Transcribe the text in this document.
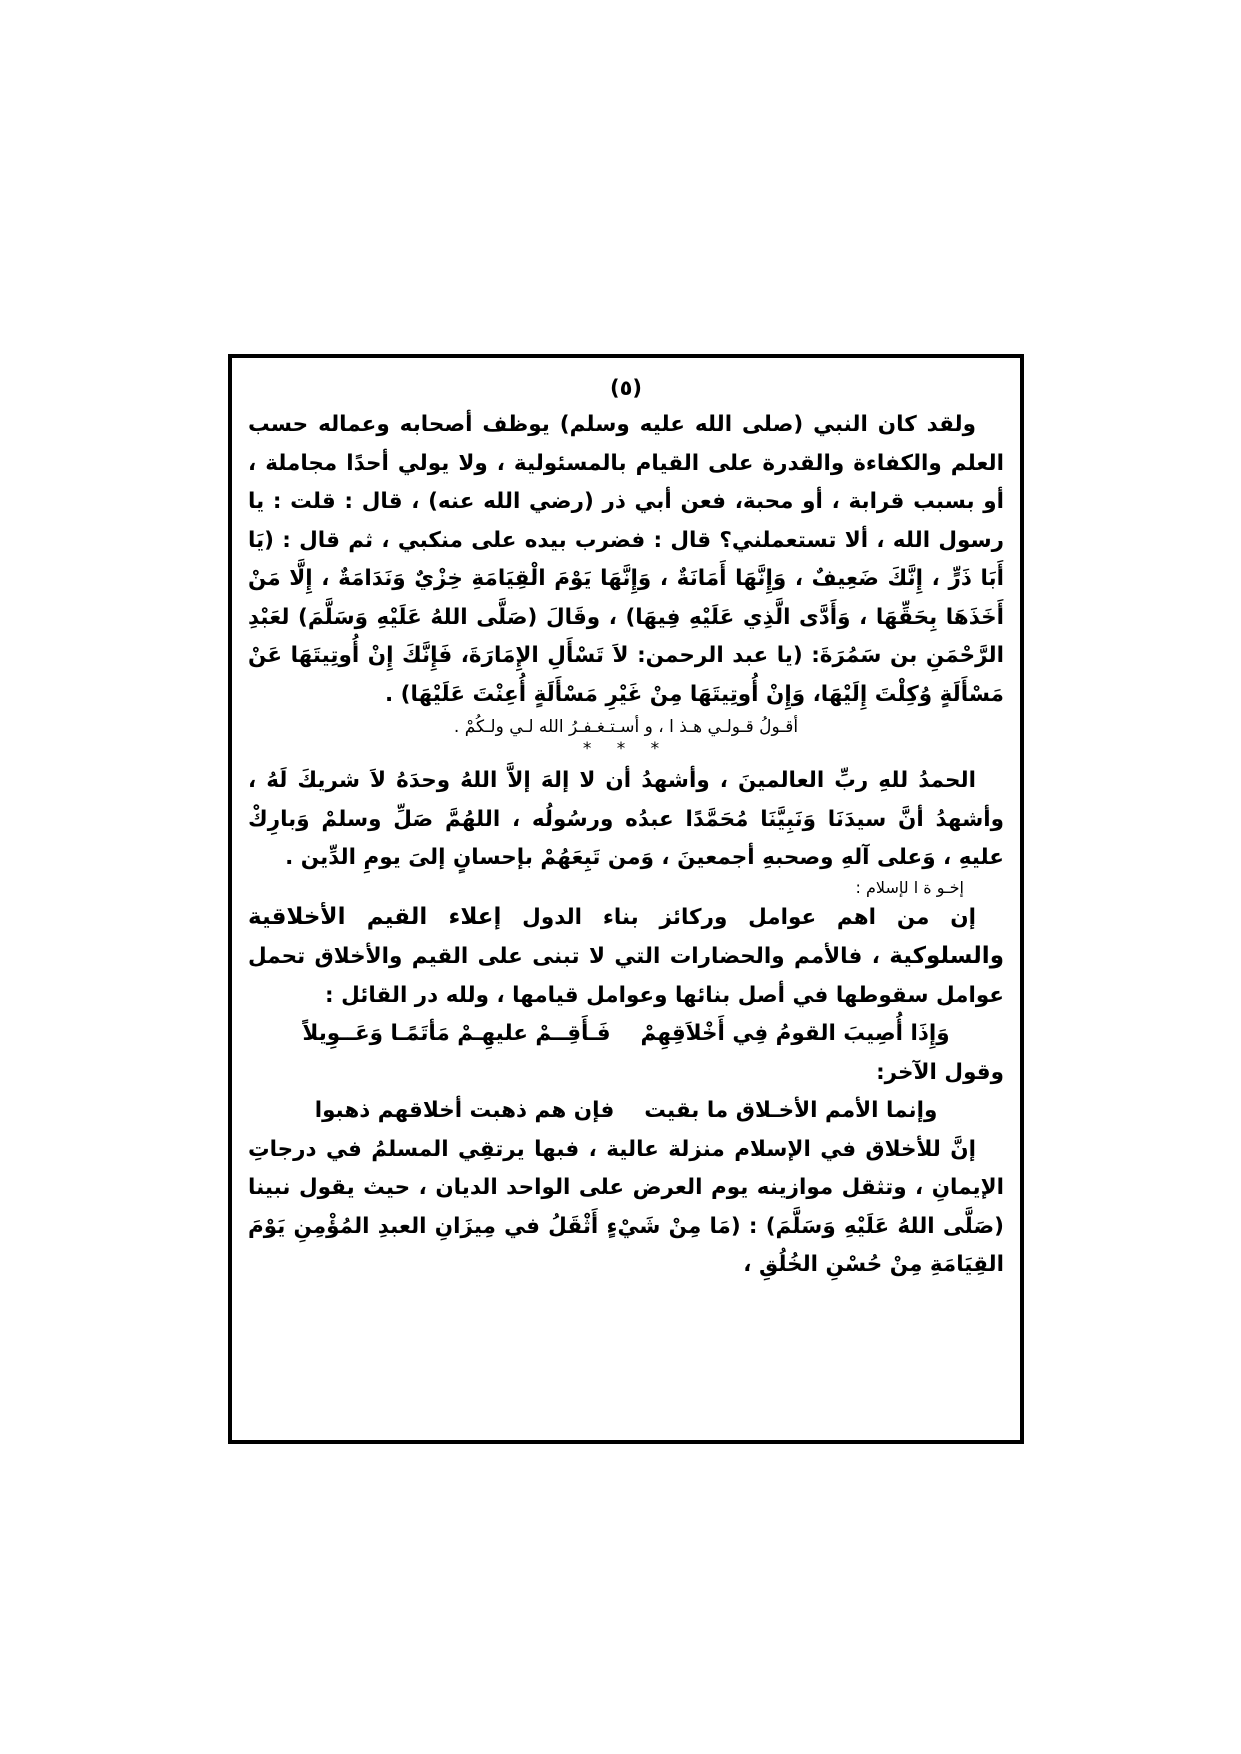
(٥)

ولقد كان النبي (صلى الله عليه وسلم) يوظف أصحابه وعماله حسب العلم والكفاءة والقدرة على القيام بالمسئولية ، ولا يولي أحدًا مجاملة ، أو بسبب قرابة ، أو محبة، فعن أبي ذر (رضي الله عنه) ، قال : قلت : يا رسول الله ، ألا تستعملني؟ قال : فضرب بيده على منكبي ، ثم قال : (يَا أَبَا ذَرٍّ ، إِنَّكَ ضَعِيفٌ ، وَإِنَّهَا أَمَانَةٌ ، وَإِنَّهَا يَوْمَ الْقِيَامَةِ خِزْيٌ وَنَدَامَةٌ ، إِلَّا مَنْ أَخَذَهَا بِحَقِّهَا ، وَأَدَّى الَّذِي عَلَيْهِ فِيهَا) ، وقَالَ (صَلَّى اللهُ عَلَيْهِ وَسَلَّمَ) لعَبْدِ الرَّحْمَنِ بن سَمُرَةَ: (يا عبد الرحمن: لاَ تَسْأَلِ الإِمَارَةَ، فَإِنَّكَ إِنْ أُوتِيتَهَا عَنْ مَسْأَلَةٍ وُكِلْتَ إِلَيْهَا، وَإِنْ أُوتِيتَهَا مِنْ غَيْرِ مَسْأَلَةٍ أُعِنْتَ عَلَيْهَا) .

أقـولُ قـولـي هـذ ا ، و أسـتـغـفـرُ الله لـي ولـكُمْ .
* * *

الحمدُ للهِ ربِّ العالمينَ ، وأشهدُ أن لا إلهَ إلاَّ اللهُ وحدَهُ لاَ شريكَ لَهُ ، وأشهدُ أنَّ سيدَنَا وَنَبِيَّنَا مُحَمَّدًا عبدُه ورسُولُه ، اللهُمَّ صَلِّ وسلمْ وَبارِكْ عليهِ ، وَعلى آلهِ وصحبهِ أجمعينَ ، وَمن تَبِعَهُمْ بإحسانٍ إلىَ يومِ الدِّين .

إخـو ة ا لإسلام :

إن من اهم عوامل وركائز بناء الدول إعلاء القيم الأخلاقية والسلوكية ، فالأمم والحضارات التي لا تبنى على القيم والأخلاق تحمل عوامل سقوطها في أصل بنائها وعوامل قيامها ، ولله در القائل :

وَإِذَا أُصِيبَ القومُ فِي أَخْلاَقِهِمْ
فَـأَقِــمْ عليهِـمْ مَأتَمًـا وَعَــوِيلاً

وقول الآخر:

وإنما الأمم الأخـلاق ما بقيت
فإن هم ذهبت أخلاقهم ذهبوا

إنَّ للأخلاق في الإسلام منزلة عالية ، فبها يرتقِي المسلمُ في درجاتِ الإيمانِ ، وتثقل موازينه يوم العرض على الواحد الديان ، حيث يقول نبينا (صَلَّى اللهُ عَلَيْهِ وَسَلَّمَ) : (مَا مِنْ شَيْءٍ أَثْقَلُ في مِيزَانِ العبدِ المُؤْمِنِ يَوْمَ القِيَامَةِ مِنْ حُسْنِ الخُلُقِ ،
